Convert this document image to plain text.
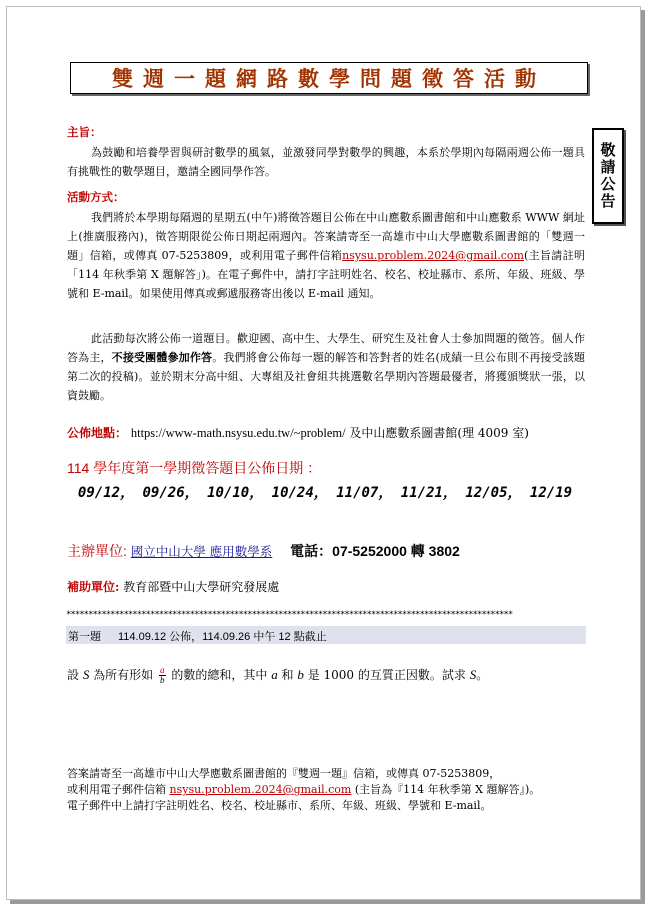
雙週一題網路數學問題徵答活動
敬請公告
主旨：
為鼓勵和培養學習與研討數學的風氣，並激發同學對數學的興趣，本系於學期內每隔兩週公佈一題具有挑戰性的數學題目，邀請全國同學作答。
活動方式：
我們將於本學期每隔週的星期五(中午)將徵答題目公佈在中山應數系圖書館和中山應數系 WWW 網址上(推廣服務內)，徵答期限從公佈日期起兩週內。答案請寄至一高雄市中山大學應數系圖書館的「雙週一題」信箱，或傳真 07-5253809，或利用電子郵件信箱nsysu.problem.2024@gmail.com(主旨請註明「114 年秋季第 X 題解答」)。在電子郵件中，請打字註明姓名、校名、校址縣市、系所、年級、班級、學號和 E-mail。如果使用傳真或郵遞服務寄出後以 E-mail 通知。
此活動每次將公佈一道題目。歡迎國、高中生、大學生、研究生及社會人士參加問題的徵答。個人作答為主，不接受團體參加作答。我們將會公佈每一題的解答和答對者的姓名(成績一旦公布則不再接受該題第二次的投稿)。並於期末分高中組、大專組及社會組共挑選數名學期內答題最優者，將獲頒獎狀一張，以資鼓勵。
公佈地點： https://www-math.nsysu.edu.tw/~problem/ 及中山應數系圖書館(理 4009 室)
114 學年度第一學期徵答題目公佈日期 ：
09/12， 09/26， 10/10， 10/24， 11/07， 11/21， 12/05， 12/19
主辦單位: 國立中山大學 應用數學系 電話：07-5252000 轉 3802
補助單位: 教育部暨中山大學研究發展處
*****************************************************************************************************
第一題 114.09.12 公佈，114.09.26 中午 12 點截止
設 S 為所有形如 $\frac{a}{b}$ 的數的總和，其中 a 和 b 是 1000 的互質正因數。試求 S。
答案請寄至一高雄市中山大學應數系圖書館的『雙週一題』信箱，或傳真 07-5253809，
或利用電子郵件信箱 nsysu.problem.2024@gmail.com (主旨為『114 年秋季第 X 題解答』)。
電子郵件中上請打字註明姓名、校名、校址縣市、系所、年級、班級、學號和 E-mail。
